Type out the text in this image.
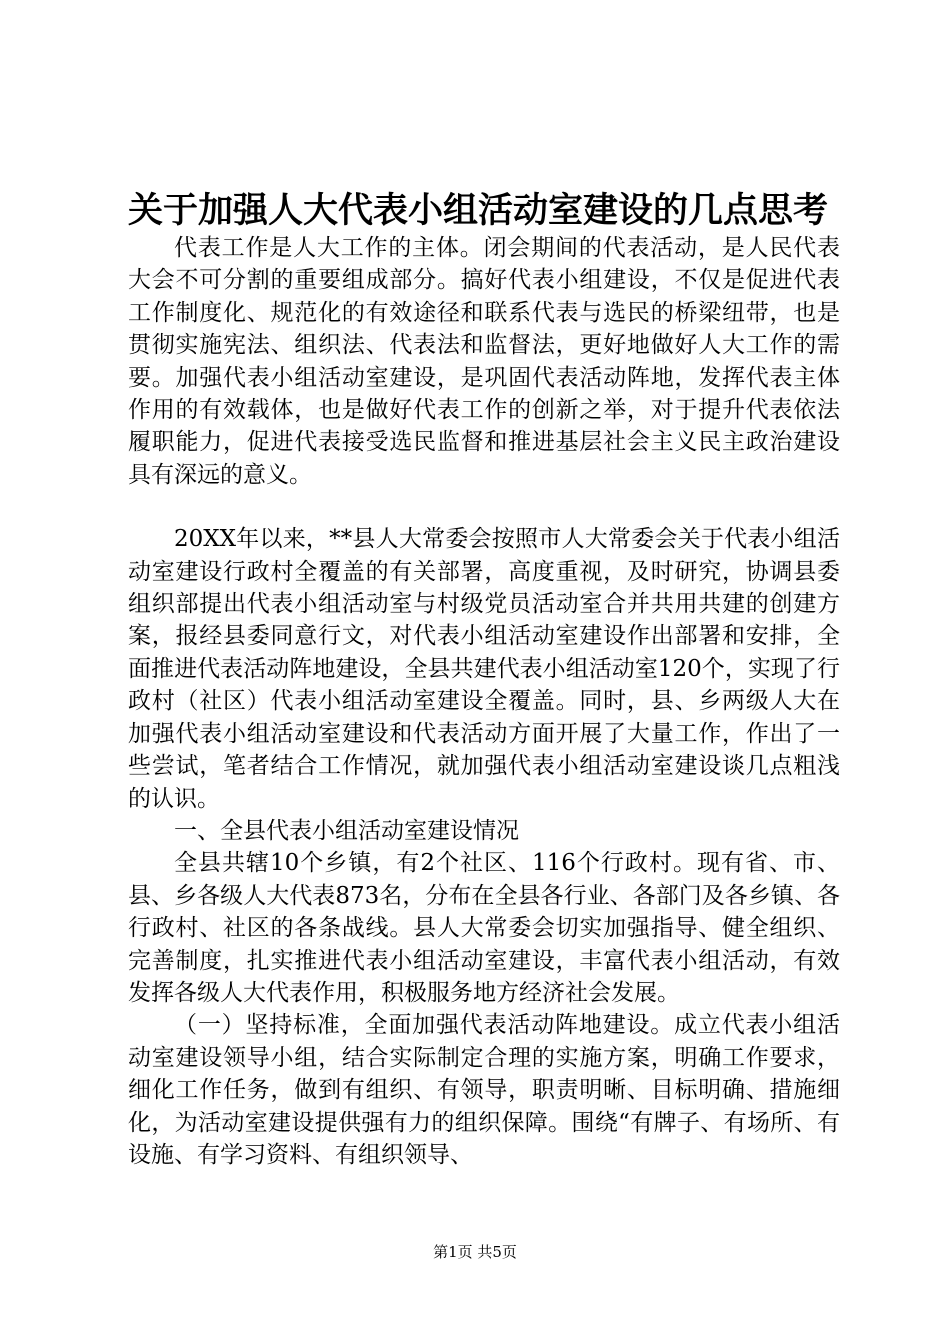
关于加强人大代表小组活动室建设的几点思考

代表工作是人大工作的主体。闭会期间的代表活动，是人民代表大会不可分割的重要组成部分。搞好代表小组建设，不仅是促进代表工作制度化、规范化的有效途径和联系代表与选民的桥梁纽带，也是贯彻实施宪法、组织法、代表法和监督法，更好地做好人大工作的需要。加强代表小组活动室建设，是巩固代表活动阵地，发挥代表主体作用的有效载体，也是做好代表工作的创新之举，对于提升代表依法履职能力，促进代表接受选民监督和推进基层社会主义民主政治建设具有深远的意义。

20XX年以来，**县人大常委会按照市人大常委会关于代表小组活动室建设行政村全覆盖的有关部署，高度重视，及时研究，协调县委组织部提出代表小组活动室与村级党员活动室合并共用共建的创建方案，报经县委同意行文，对代表小组活动室建设作出部署和安排，全面推进代表活动阵地建设，全县共建代表小组活动室120个，实现了行政村（社区）代表小组活动室建设全覆盖。同时，县、乡两级人大在加强代表小组活动室建设和代表活动方面开展了大量工作，作出了一些尝试，笔者结合工作情况，就加强代表小组活动室建设谈几点粗浅的认识。

一、全县代表小组活动室建设情况

全县共辖10个乡镇，有2个社区、116个行政村。现有省、市、县、乡各级人大代表873名，分布在全县各行业、各部门及各乡镇、各行政村、社区的各条战线。县人大常委会切实加强指导、健全组织、完善制度，扎实推进代表小组活动室建设，丰富代表小组活动，有效发挥各级人大代表作用，积极服务地方经济社会发展。

（一）坚持标准，全面加强代表活动阵地建设。成立代表小组活动室建设领导小组，结合实际制定合理的实施方案，明确工作要求，细化工作任务，做到有组织、有领导，职责明晰、目标明确、措施细化，为活动室建设提供强有力的组织保障。围绕“有牌子、有场所、有设施、有学习资料、有组织领导、

第1页 共5页
